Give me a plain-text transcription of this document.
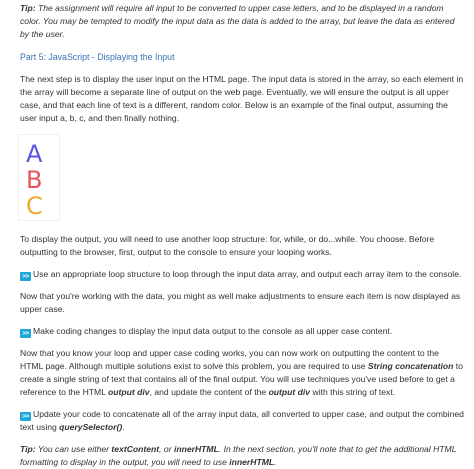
Tip: The assignment will require all input to be converted to upper case letters, and to be displayed in a random color. You may be tempted to modify the input data as the data is added to the array, but leave the data as entered by the user.

Part 5: JavaScript - Displaying the Input

The next step is to display the user input on the HTML page. The input data is stored in the array, so each element in the array will become a separate line of output on the web page. Eventually, we will ensure the output is all upper case, and that each line of text is a different, random color. Below is an example of the final output, assuming the user input a, b, c, and then finally nothing.

A
B
C

To display the output, you will need to use another loop structure: for, while, or do...while. You choose. Before outputting to the browser, first, output to the console to ensure your looping works.

>> Use an appropriate loop structure to loop through the input data array, and output each array item to the console.

Now that you're working with the data, you might as well make adjustments to ensure each item is now displayed as upper case.

>> Make coding changes to display the input data output to the console as all upper case content.

Now that you know your loop and upper case coding works, you can now work on outputting the content to the HTML page. Although multiple solutions exist to solve this problem, you are required to use String concatenation to create a single string of text that contains all of the final output. You will use techniques you've used before to get a reference to the HTML output div, and update the content of the output div with this string of text.

>> Update your code to concatenate all of the array input data, all converted to upper case, and output the combined text using querySelector().

Tip: You can use either textContent, or innerHTML. In the next section, you'll note that to get the additional HTML formatting to display in the output, you will need to use innerHTML.
